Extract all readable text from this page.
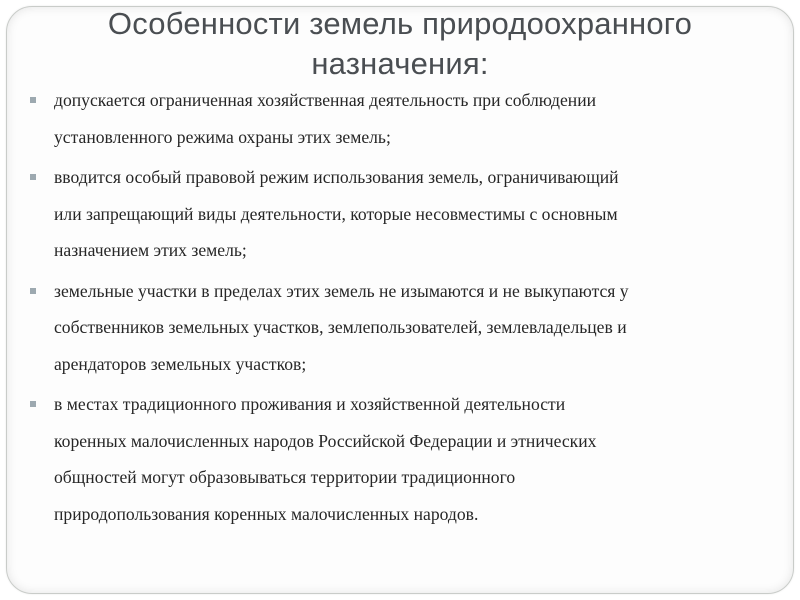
Особенности земель природоохранного
назначения:
допускается ограниченная хозяйственная деятельность при соблюдении
установленного режима охраны этих земель;
вводится особый правовой режим использования земель, ограничивающий
или запрещающий виды деятельности, которые несовместимы с основным
назначением этих земель;
земельные участки в пределах этих земель не изымаются и не выкупаются у
собственников земельных участков, землепользователей, землевладельцев и
арендаторов земельных участков;
в местах традиционного проживания и хозяйственной деятельности
коренных малочисленных народов Российской Федерации и этнических
общностей могут образовываться территории традиционного
природопользования коренных малочисленных народов.
